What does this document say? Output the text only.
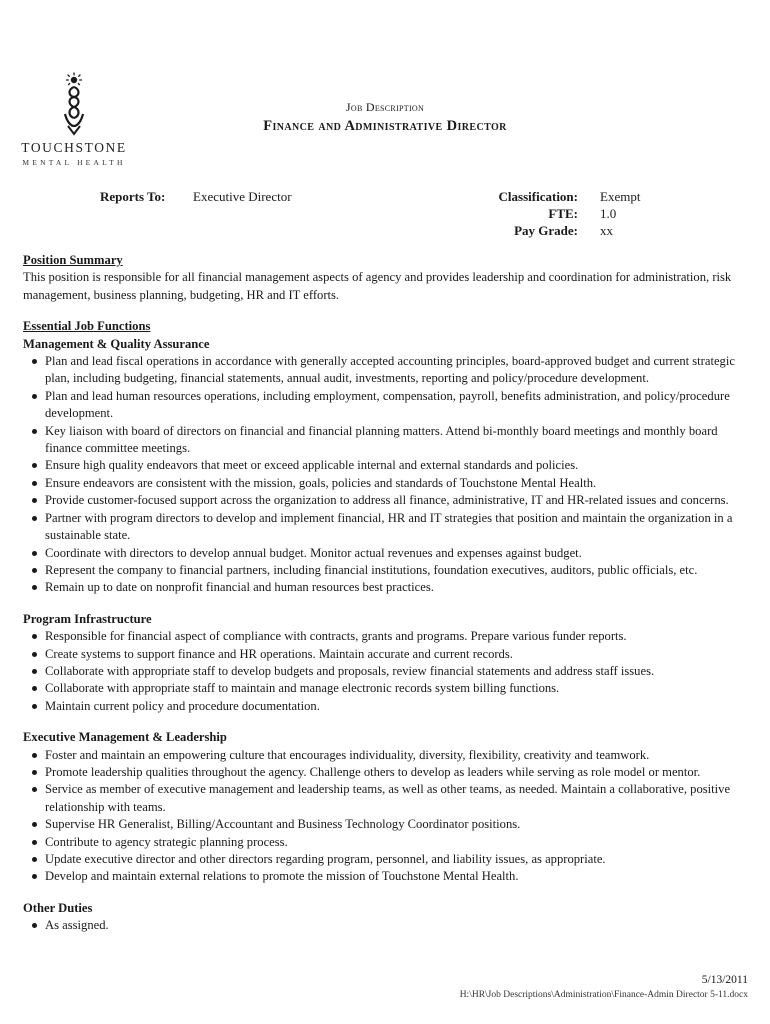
TOUCHSTONE
MENTAL HEALTH
Job Description
Finance and Administrative Director
Reports To: Executive Director	Classification:
FTE:
Pay Grade:
Exempt
1.0
xx
Position Summary

This position is responsible for all financial management aspects of agency and provides leadership and coordination for administration, risk management, business planning, budgeting, HR and IT efforts.

Essential Job Functions
Management & Quality Assurance
Plan and lead fiscal operations in accordance with generally accepted accounting principles, board-approved budget and current strategic plan, including budgeting, financial statements, annual audit, investments, reporting and policy/procedure development.
Plan and lead human resources operations, including employment, compensation, payroll, benefits administration, and policy/procedure development.
Key liaison with board of directors on financial and financial planning matters. Attend bi-monthly board meetings and monthly board finance committee meetings.
Ensure high quality endeavors that meet or exceed applicable internal and external standards and policies.
Ensure endeavors are consistent with the mission, goals, policies and standards of Touchstone Mental Health.
Provide customer-focused support across the organization to address all finance, administrative, IT and HR-related issues and concerns.
Partner with program directors to develop and implement financial, HR and IT strategies that position and maintain the organization in a sustainable state.
Coordinate with directors to develop annual budget. Monitor actual revenues and expenses against budget.
Represent the company to financial partners, including financial institutions, foundation executives, auditors, public officials, etc.
Remain up to date on nonprofit financial and human resources best practices.
Program Infrastructure
Responsible for financial aspect of compliance with contracts, grants and programs. Prepare various funder reports.
Create systems to support finance and HR operations. Maintain accurate and current records.
Collaborate with appropriate staff to develop budgets and proposals, review financial statements and address staff issues.
Collaborate with appropriate staff to maintain and manage electronic records system billing functions.
Maintain current policy and procedure documentation.
Executive Management & Leadership
Foster and maintain an empowering culture that encourages individuality, diversity, flexibility, creativity and teamwork.
Promote leadership qualities throughout the agency. Challenge others to develop as leaders while serving as role model or mentor.
Service as member of executive management and leadership teams, as well as other teams, as needed. Maintain a collaborative, positive relationship with teams.
Supervise HR Generalist, Billing/Accountant and Business Technology Coordinator positions.
Contribute to agency strategic planning process.
Update executive director and other directors regarding program, personnel, and liability issues, as appropriate.
Develop and maintain external relations to promote the mission of Touchstone Mental Health.
Other Duties
As assigned.
5/13/2011
H:\HR\Job Descriptions\Administration\Finance-Admin Director 5-11.docx
